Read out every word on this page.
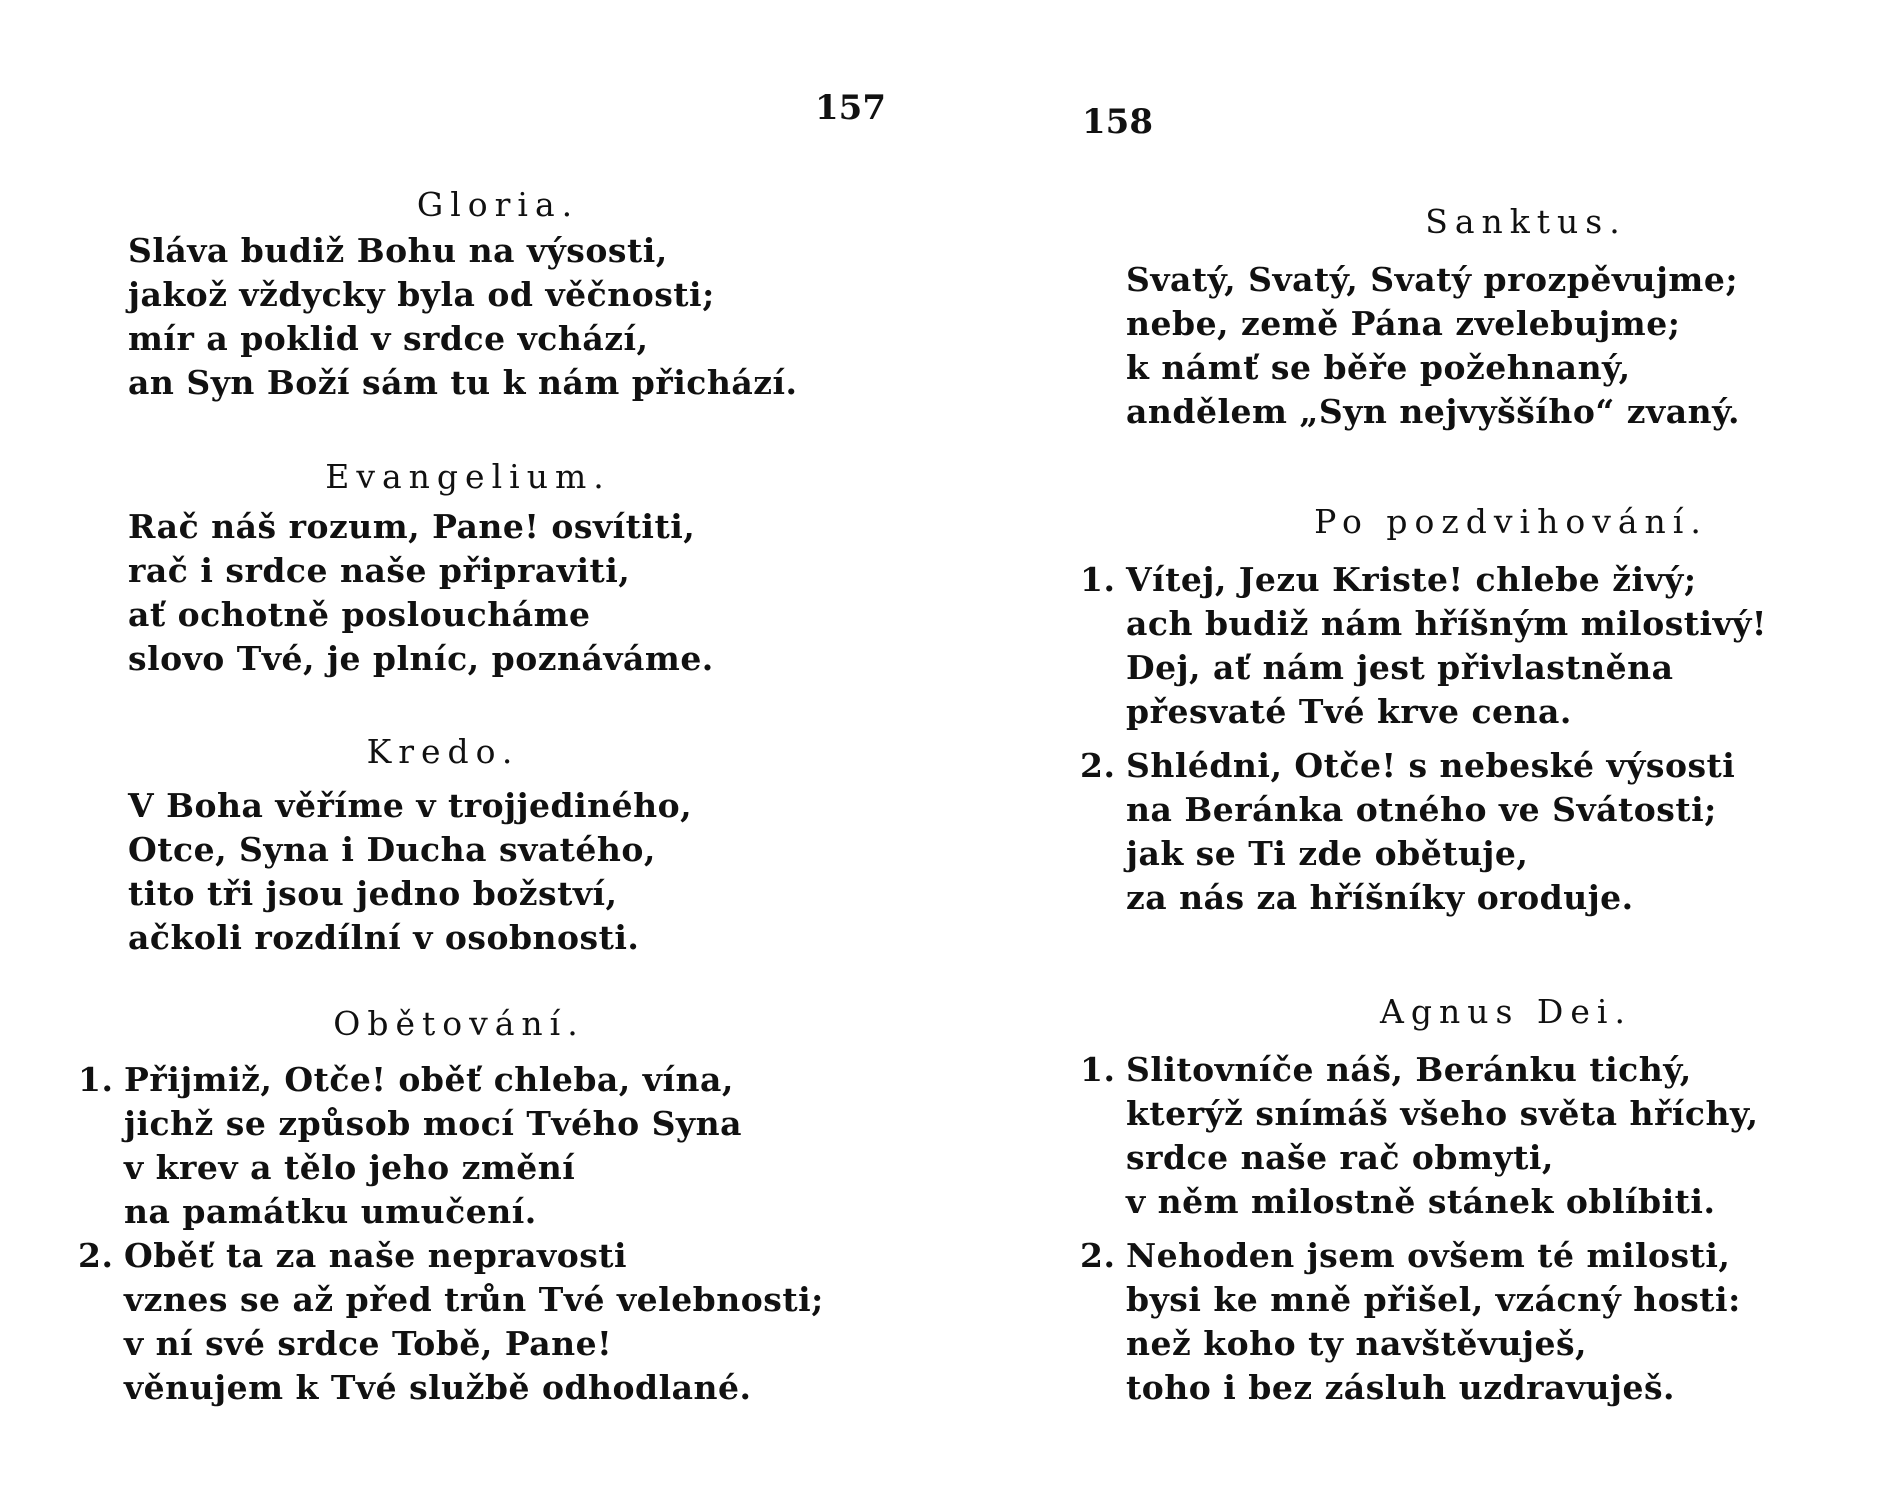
157
Gloria.
Sláva budiž Bohu na výsosti,
jakož vždycky byla od věčnosti;
mír a poklid v srdce vchází,
an Syn Boží sám tu k nám přichází.
Evangelium.
Rač náš rozum, Pane! osvítiti,
rač i srdce naše připraviti,
ať ochotně posloucháme
slovo Tvé, je plníc, poznáváme.
Kredo.
V Boha věříme v trojjediného,
Otce, Syna i Ducha svatého,
tito tři jsou jedno božství,
ačkoli rozdílní v osobnosti.
Obětování.
1. Přijmiž, Otče! oběť chleba, vína,
jichž se způsob mocí Tvého Syna
v krev a tělo jeho změní
na památku umučení.
2. Oběť ta za naše nepravosti
vznes se až před trůn Tvé velebnosti;
v ní své srdce Tobě, Pane!
věnujem k Tvé službě odhodlané.
158
Sanktus.
Svatý, Svatý, Svatý prozpěvujme;
nebe, země Pána zvelebujme;
k námť se běře požehnaný,
andělem „Syn nejvyššího“ zvaný.
Po pozdvihování.
1. Vítej, Jezu Kriste! chlebe živý;
ach budiž nám hříšným milostivý!
Dej, ať nám jest přivlastněna
přesvaté Tvé krve cena.
2. Shlédni, Otče! s nebeské výsosti
na Beránka otného ve Svátosti;
jak se Ti zde obětuje,
za nás za hříšníky oroduje.
Agnus Dei.
1. Slitovníče náš, Beránku tichý,
kterýž snímáš všeho světa hříchy,
srdce naše rač obmyti,
v něm milostně stánek oblíbiti.
2. Nehoden jsem ovšem té milosti,
bysi ke mně přišel, vzácný hosti:
než koho ty navštěvuješ,
toho i bez zásluh uzdravuješ.
